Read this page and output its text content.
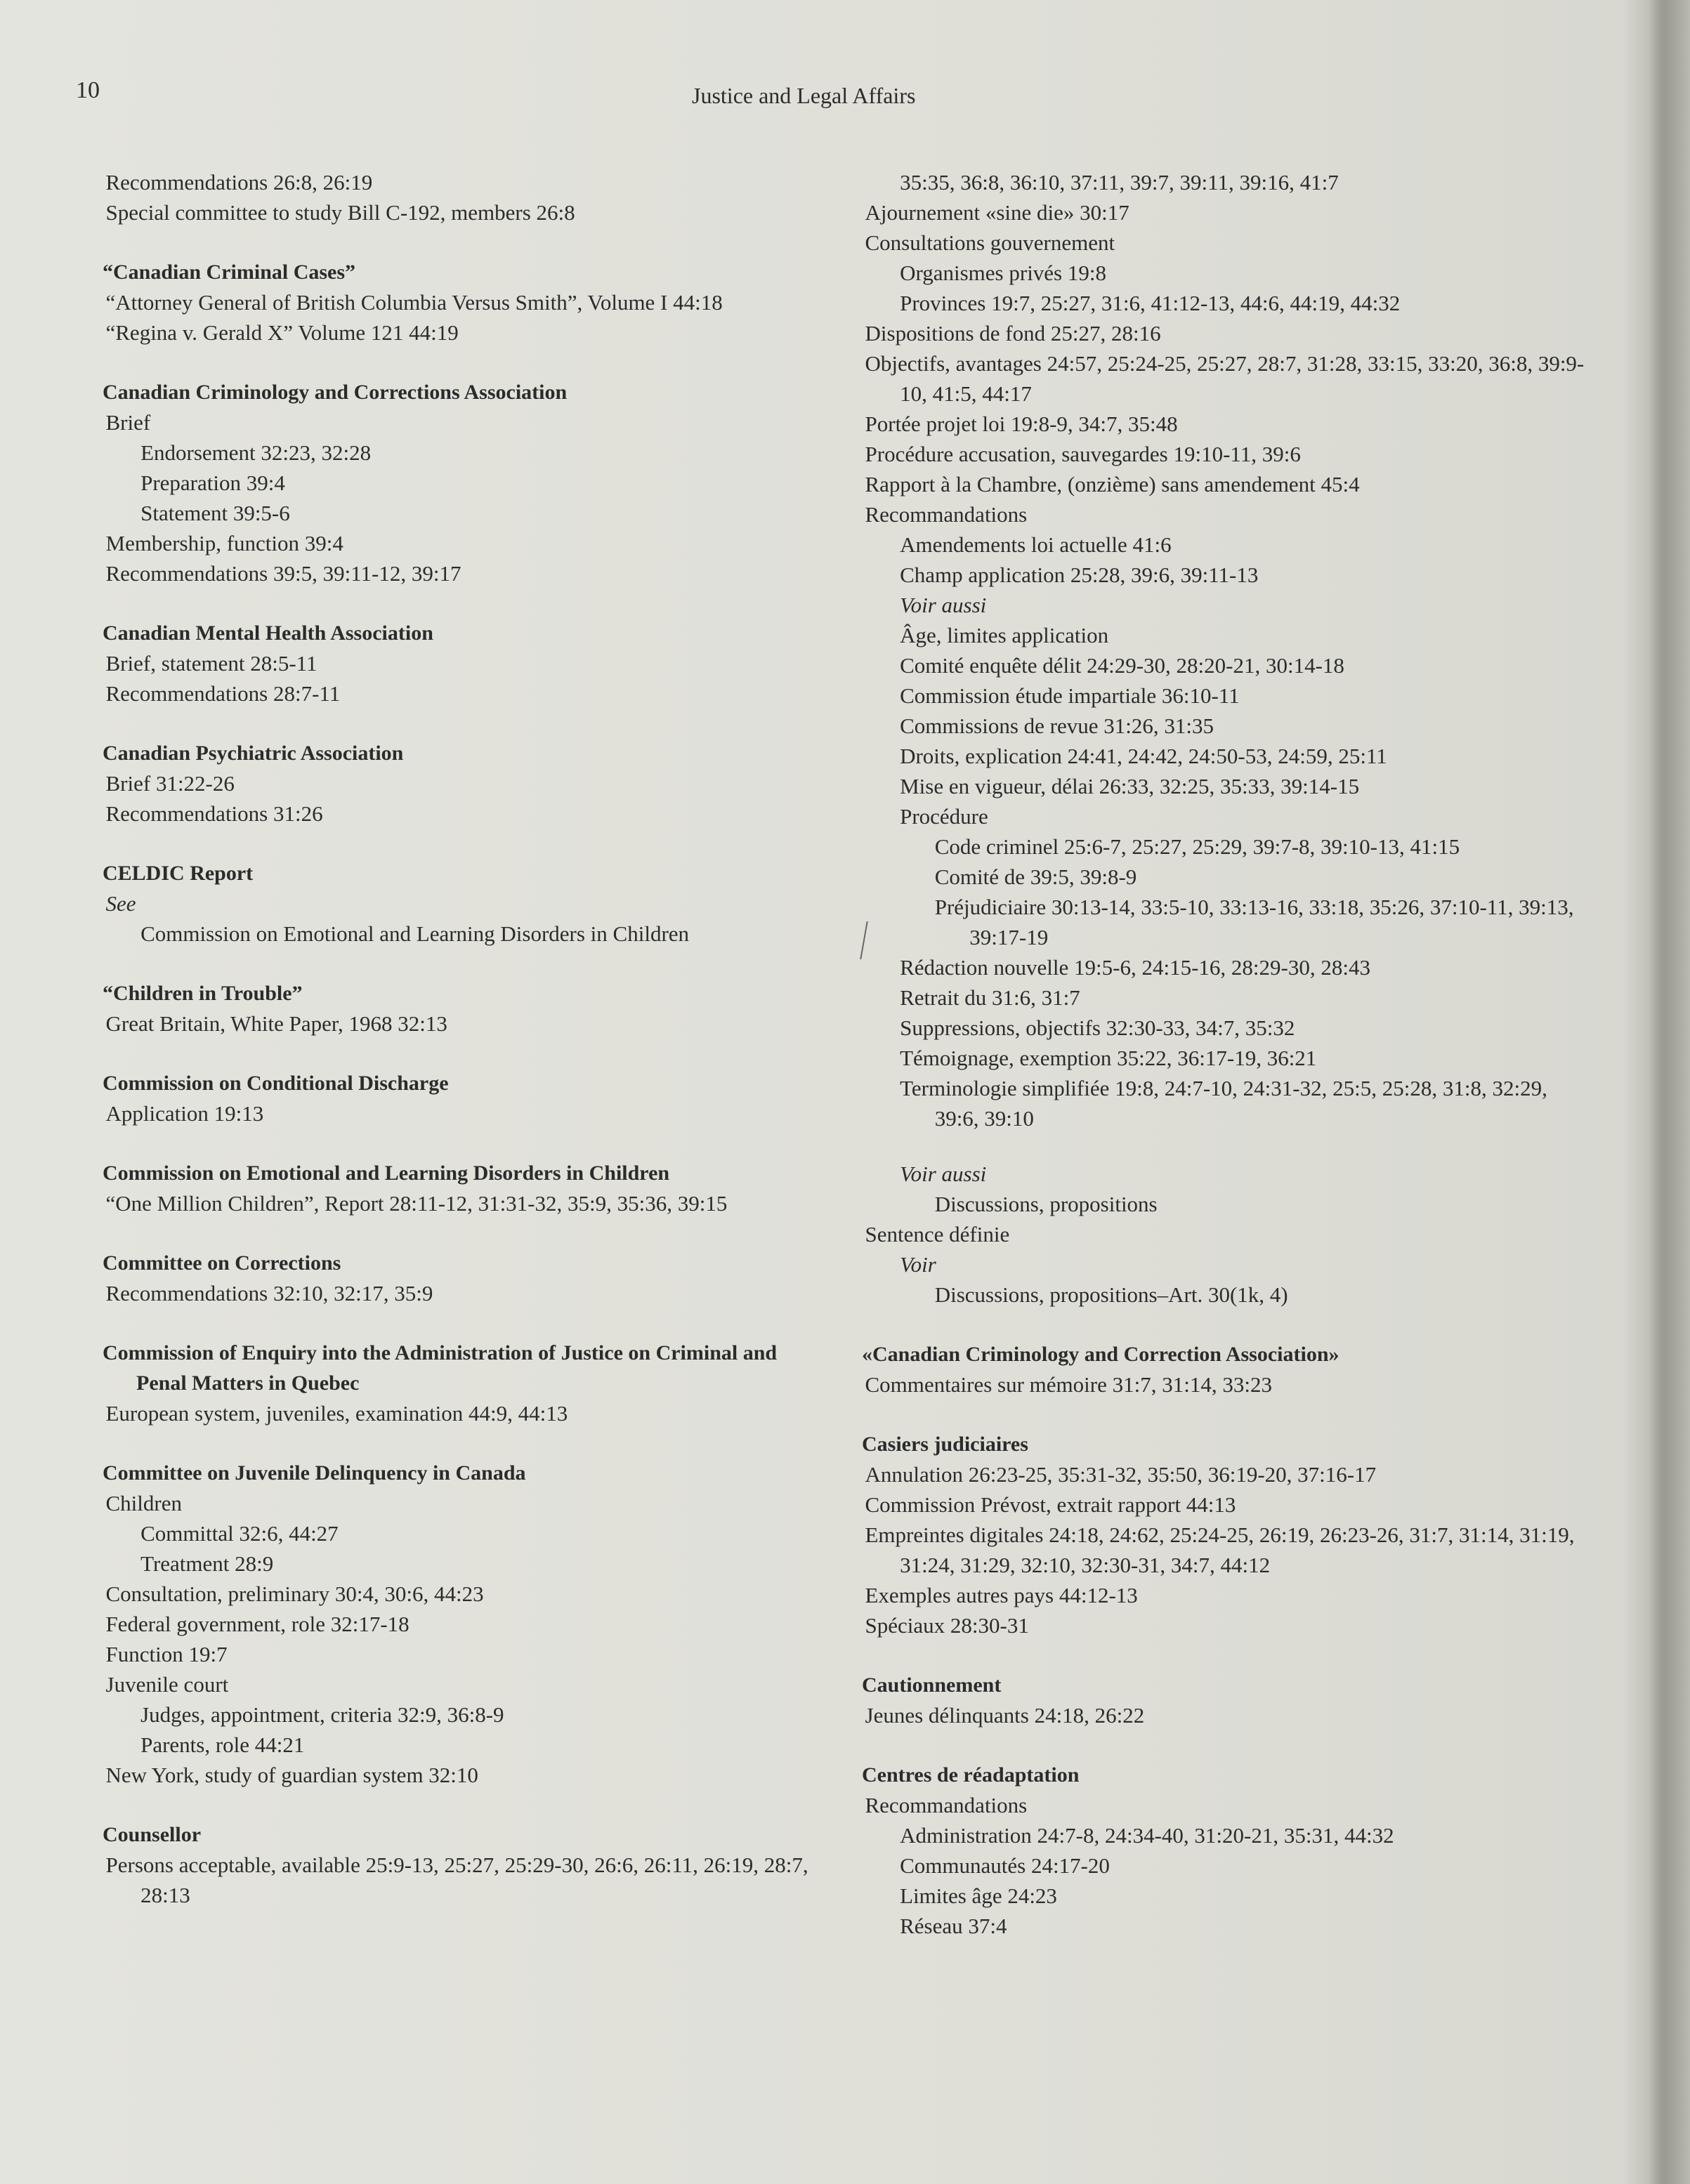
10	Justice and Legal Affairs
Recommendations 26:8, 26:19
Special committee to study Bill C-192, members 26:8
“Canadian Criminal Cases”
“Attorney General of British Columbia Versus Smith”, Volume I 44:18
“Regina v. Gerald X” Volume 121 44:19
Canadian Criminology and Corrections Association
Brief
Endorsement 32:23, 32:28
Preparation 39:4
Statement 39:5-6
Membership, function 39:4
Recommendations 39:5, 39:11-12, 39:17
Canadian Mental Health Association
Brief, statement 28:5-11
Recommendations 28:7-11
Canadian Psychiatric Association
Brief 31:22-26
Recommendations 31:26
CELDIC Report
See
Commission on Emotional and Learning Disorders in Children
“Children in Trouble”
Great Britain, White Paper, 1968 32:13
Commission on Conditional Discharge
Application 19:13
Commission on Emotional and Learning Disorders in Children
“One Million Children”, Report 28:11-12, 31:31-32, 35:9, 35:36, 39:15
Committee on Corrections
Recommendations 32:10, 32:17, 35:9
Commission of Enquiry into the Administration of Justice on Criminal and Penal Matters in Quebec
European system, juveniles, examination 44:9, 44:13
Committee on Juvenile Delinquency in Canada
Children
Committal 32:6, 44:27
Treatment 28:9
Consultation, preliminary 30:4, 30:6, 44:23
Federal government, role 32:17-18
Function 19:7
Juvenile court
Judges, appointment, criteria 32:9, 36:8-9
Parents, role 44:21
New York, study of guardian system 32:10
Counsellor
Persons acceptable, available 25:9-13, 25:27, 25:29-30, 26:6, 26:11, 26:19, 28:7, 28:13
35:35, 36:8, 36:10, 37:11, 39:7, 39:11, 39:16, 41:7
Ajournement «sine die» 30:17
Consultations gouvernement
Organismes privés 19:8
Provinces 19:7, 25:27, 31:6, 41:12-13, 44:6, 44:19, 44:32
Dispositions de fond 25:27, 28:16
Objectifs, avantages 24:57, 25:24-25, 25:27, 28:7, 31:28, 33:15, 33:20, 36:8, 39:9-10, 41:5, 44:17
Portée projet loi 19:8-9, 34:7, 35:48
Procédure accusation, sauvegardes 19:10-11, 39:6
Rapport à la Chambre, (onzième) sans amendement 45:4
Recommandations
Amendements loi actuelle 41:6
Champ application 25:28, 39:6, 39:11-13
Voir aussi
Âge, limites application
Comité enquête délit 24:29-30, 28:20-21, 30:14-18
Commission étude impartiale 36:10-11
Commissions de revue 31:26, 31:35
Droits, explication 24:41, 24:42, 24:50-53, 24:59, 25:11
Mise en vigueur, délai 26:33, 32:25, 35:33, 39:14-15
Procédure
Code criminel 25:6-7, 25:27, 25:29, 39:7-8, 39:10-13, 41:15
Comité de 39:5, 39:8-9
Préjudiciaire 30:13-14, 33:5-10, 33:13-16, 33:18, 35:26, 37:10-11, 39:13, 39:17-19
Rédaction nouvelle 19:5-6, 24:15-16, 28:29-30, 28:43
Retrait du 31:6, 31:7
Suppressions, objectifs 32:30-33, 34:7, 35:32
Témoignage, exemption 35:22, 36:17-19, 36:21
Terminologie simplifiée 19:8, 24:7-10, 24:31-32, 25:5, 25:28, 31:8, 32:29, 39:6, 39:10
Voir aussi
Discussions, propositions
Sentence définie
Voir
Discussions, propositions–Art. 30(1k, 4)
«Canadian Criminology and Correction Association»
Commentaires sur mémoire 31:7, 31:14, 33:23
Casiers judiciaires
Annulation 26:23-25, 35:31-32, 35:50, 36:19-20, 37:16-17
Commission Prévost, extrait rapport 44:13
Empreintes digitales 24:18, 24:62, 25:24-25, 26:19, 26:23-26, 31:7, 31:14, 31:19, 31:24, 31:29, 32:10, 32:30-31, 34:7, 44:12
Exemples autres pays 44:12-13
Spéciaux 28:30-31
Cautionnement
Jeunes délinquants 24:18, 26:22
Centres de réadaptation
Recommandations
Administration 24:7-8, 24:34-40, 31:20-21, 35:31, 44:32
Communautés 24:17-20
Limites âge 24:23
Réseau 37:4
